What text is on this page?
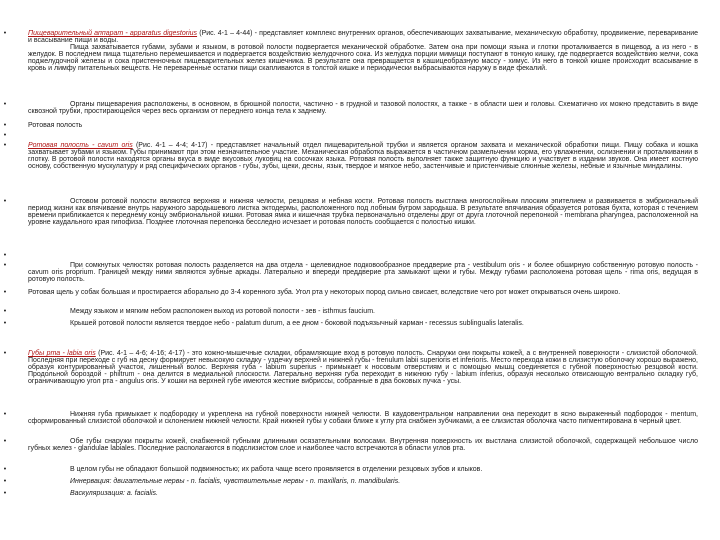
•	Пищеварительный аппарат - apparatus digestorius (Рис. 4-1 – 4-44) - представляет комплекс внутренних органов, обеспечивающих захватывание, механическую обработку, продвижение, переваривание и всасывание пищи и воды.
Пища захватывается губами, зубами и языком, в ротовой полости подвергается механической обработке. Затем она при помощи языка и глотки проталкивается в пищевод, а из него - в желудок. В последнем пища тщательно перемешивается и подвергается воздействию желудочного сока. Из желудка порции мимищи поступают в тонкую кишку, где подвергается воздействию желчи, сока поджелудочной железы и сока пристенночных пищеварительных желез кишечника. В результате она превращается в кашицеобразную массу - химус. Из него в тонкой кишке происходит всасывание в кровь и лимфу питательных веществ. Не переваренные остатки пищи скапливаются в толстой кишке и периодически выбрасываются наружу в виде фекалий.

•	Органы пищеварения расположены, в основном, в брюшной полости, частично - в грудной и тазовой полостях, а также - в области шеи и головы. Схематично их можно представить в виде сквозной трубки, простирающейся через весь организм от переднего конца тела к заднему.

•	Ротовая полость

•
•	Ротовая полость - cavum oris (Рис. 4-1 – 4-4; 4-17) - представляет начальный отдел пищеварительной трубки и является органом захвата и механической обработки пищи. Пищу собака и кошка захватывает зубами и языком. Губы принимают при этом незначительное участие. Механическая обработка выражается в частичном размельчении корма, его увлажнении, ослизнении и проталкивании в глотку. В ротовой полости находятся органы вкуса в виде вкусовых луковиц на сосочках языка. Ротовая полость выполняет также защитную функцию и участвует в издании звуков. Она имеет костную основу, собственную мускулатуру и ряд специфических органов - губы, зубы, щеки, десны, язык, твердое и мягкое небо, застенчивые и пристенчивые слюнные железы, небные и язычные миндалины.

•	Остовом ротовой полости являются верхняя и нижняя челюсти, резцовая и небная кости. Ротовая полость выстлана многослойным плоским эпителием и развивается в эмбриональный период жизни как впячивание внутрь наружного зародышевого листка эктодермы, расположенного под лобным бугром зародыша. В результате впячивания образуется ротовая бухта, которая с течением времени приближается к переднему концу эмбриональной кишки. Ротовая ямка и кишечная трубка первоначально отделены друг от друга глоточной перепонкой - membrana pharyngea, расположенной на уровне каудального края гипофиза. Позднее глоточная перепонка бесследно исчезает и ротовая полость сообщается с полостью кишки.

•
•	При сомкнутых челюстях ротовая полость разделяется на два отдела - щелевидное подковообразное преддверие рта - vestibulum oris - и более обширную собственную ротовую полость - cavum oris proprium. Границей между ними являются зубные аркады. Латерально и впереди преддверие рта замыкают щеки и губы. Между губами расположена ротовая щель - rima oris, ведущая в ротовую полость.

•	Ротовая щель у собак большая и простирается аборально до 3-4 коренного зуба. Угол рта у некоторых пород сильно свисает, вследствие чего рот может открываться очень широко.

•	Между языком и мягким небом расположен выход из ротовой полости - зев - isthmus faucium.

•	Крышей ротовой полости является твердое небо - palatum durum, а ее дном - боковой подъязычный карман - recessus sublingualis lateralis.

•	Губы рта - labia oris (Рис. 4-1 – 4-6; 4-16; 4-17) - это кожно-мышечные складки, обрамляющие вход в ротовую полость. Снаружи они покрыты кожей, а с внутренней поверхности - слизистой оболочкой. Последняя при переходе с губ на десну формирует невысокую складку - уздечку верхней и нижней губы - frenulum labii superioris et inferioris. Место перехода кожи в слизистую оболочку хорошо выражено, образуя контурированный участок, лишенный волос. Верхняя губа - labium superius - примыкает к носовым отверстиям и с помощью мышц соединяется с губной поверхностью резцовой кости. Продольной бороздой - philtrum - она делится в медиальной плоскости. Латерально верхняя губа переходит в нижнюю губу - labium inferius, образуя несколько отвисающую вентрально складку губ, ограничивающую угол рта - angulus oris. У кошки на верхней губе имеются жесткие вибриссы, собранные в два боковых пучка - усы.

•	Нижняя губа примыкает к подбородку и укреплена на губной поверхности нижней челюсти. В каудовентральном направлении она переходит в ясно выраженный подбородок - mentum, сформированный слизистой оболочкой и склонением нижней челюсти. Край нижней губы у собаки ближе к углу рта снабжен зубчиками, а ее слизистая оболочка часто пигментирована в черный цвет.

•	Обе губы снаружи покрыты кожей, снабженной губными длинными осязательными волосами. Внутренняя поверхность их выстлана слизистой оболочкой, содержащей небольшое число губных желез - glandulae labiales. Последние располагаются в подслизистом слое и наиболее часто встречаются в области углов рта.

•	В целом губы не обладают большой подвижностью; их работа чаще всего проявляется в отделении резцовых зубов и клыков.

•	Иннервация: двигательные нервы - n. facialis, чувствительные нервы - n. maxillaris, n. mandibularis.

•	Васкуляризация: a. facialis.
